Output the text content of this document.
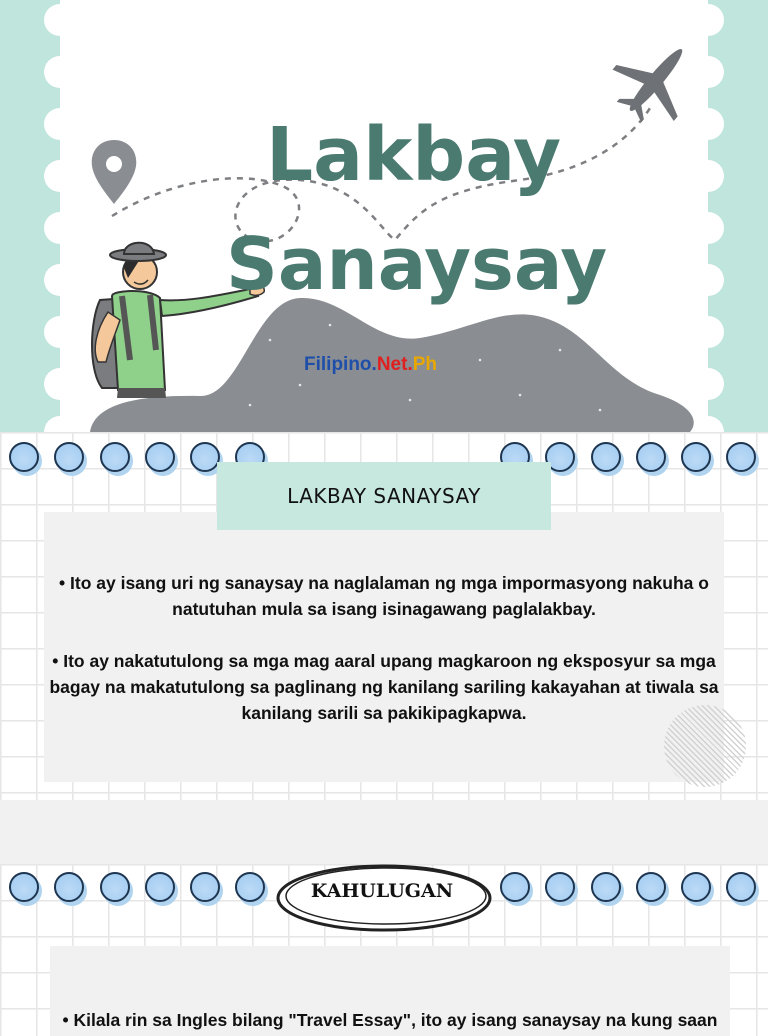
Lakbay
Sanaysay
Filipino.Net.Ph
LAKBAY SANAYSAY

• Ito ay isang uri ng sanaysay na naglalaman ng mga impormasyong nakuha o natutuhan mula sa isang isinagawang paglalakbay.

• Ito ay nakatutulong sa mga mag aaral upang magkaroon ng eksposyur sa mga bagay na makatutulong sa paglinang ng kanilang sariling kakayahan at tiwala sa kanilang sarili sa pakikipagkapwa.

KAHULUGAN
• Kilala rin sa Ingles bilang "Travel Essay", ito ay isang sanaysay na kung saan
